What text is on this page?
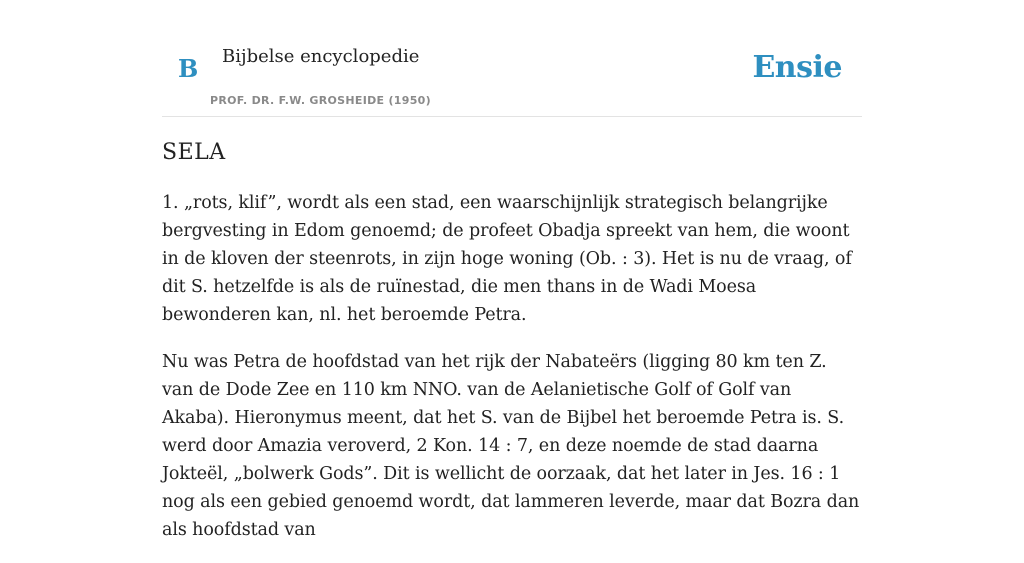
B Bijbelse encyclopedie
PROF. DR. F.W. GROSHEIDE (1950)
Ensie
SELA

1. „rots, klif”, wordt als een stad, een waarschijnlijk strategisch belangrijke bergvesting in Edom genoemd; de profeet Obadja spreekt van hem, die woont in de kloven der steenrots, in zijn hoge woning (Ob. : 3). Het is nu de vraag, of dit S. hetzelfde is als de ruïnestad, die men thans in de Wadi Moesa bewonderen kan, nl. het beroemde Petra.

Nu was Petra de hoofdstad van het rijk der Nabateërs (ligging 80 km ten Z. van de Dode Zee en 110 km NNO. van de Aelanietische Golf of Golf van Akaba). Hieronymus meent, dat het S. van de Bijbel het beroemde Petra is. S. werd door Amazia veroverd, 2 Kon. 14 : 7, en deze noemde de stad daarna Jokteël, „bolwerk Gods”. Dit is wellicht de oorzaak, dat het later in Jes. 16 : 1 nog als een gebied genoemd wordt, dat lammeren leverde, maar dat Bozra dan als hoofdstad van
